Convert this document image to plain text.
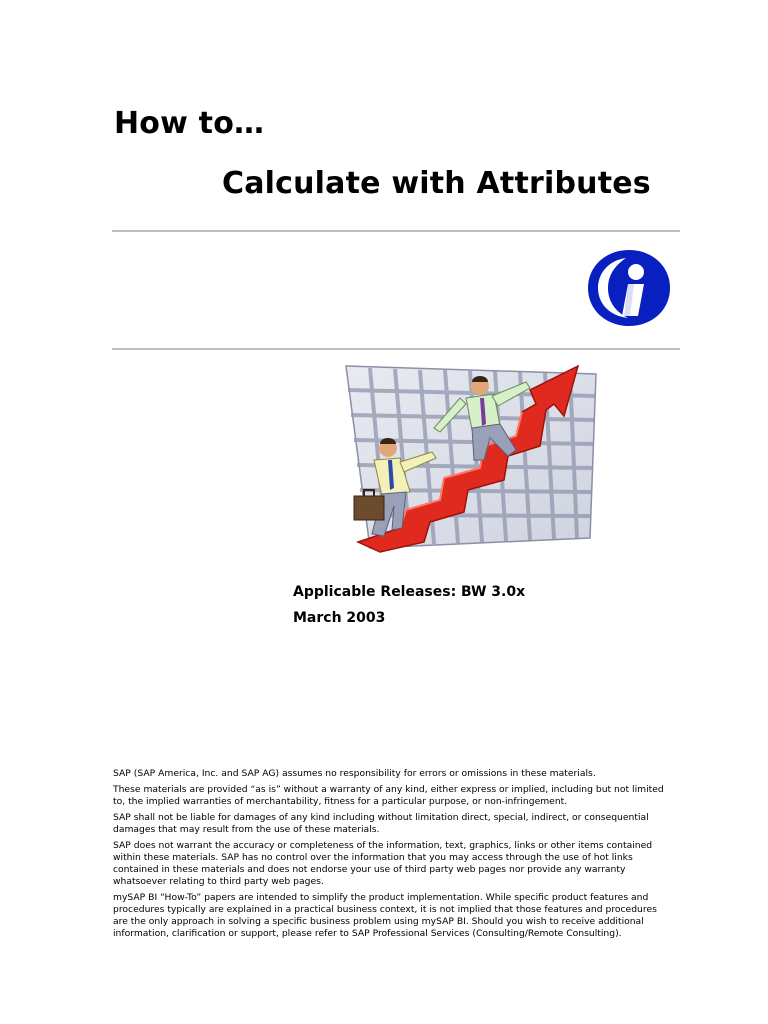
How to…
Calculate with Attributes
Applicable Releases: BW 3.0x
March 2003

SAP (SAP America, Inc. and SAP AG) assumes no responsibility for errors or omissions in these materials.

These materials are provided “as is” without a warranty of any kind, either express or implied, including but not limited to, the implied warranties of merchantability, fitness for a particular purpose, or non-infringement.

SAP shall not be liable for damages of any kind including without limitation direct, special, indirect, or consequential damages that may result from the use of these materials.

SAP does not warrant the accuracy or completeness of the information, text, graphics, links or other items contained within these materials. SAP has no control over the information that you may access through the use of hot links contained in these materials and does not endorse your use of third party web pages nor provide any warranty whatsoever relating to third party web pages.

mySAP BI “How-To” papers are intended to simplify the product implementation. While specific product features and procedures typically are explained in a practical business context, it is not implied that those features and procedures are the only approach in solving a specific business problem using mySAP BI. Should you wish to receive additional information, clarification or support, please refer to SAP Professional Services (Consulting/Remote Consulting).
